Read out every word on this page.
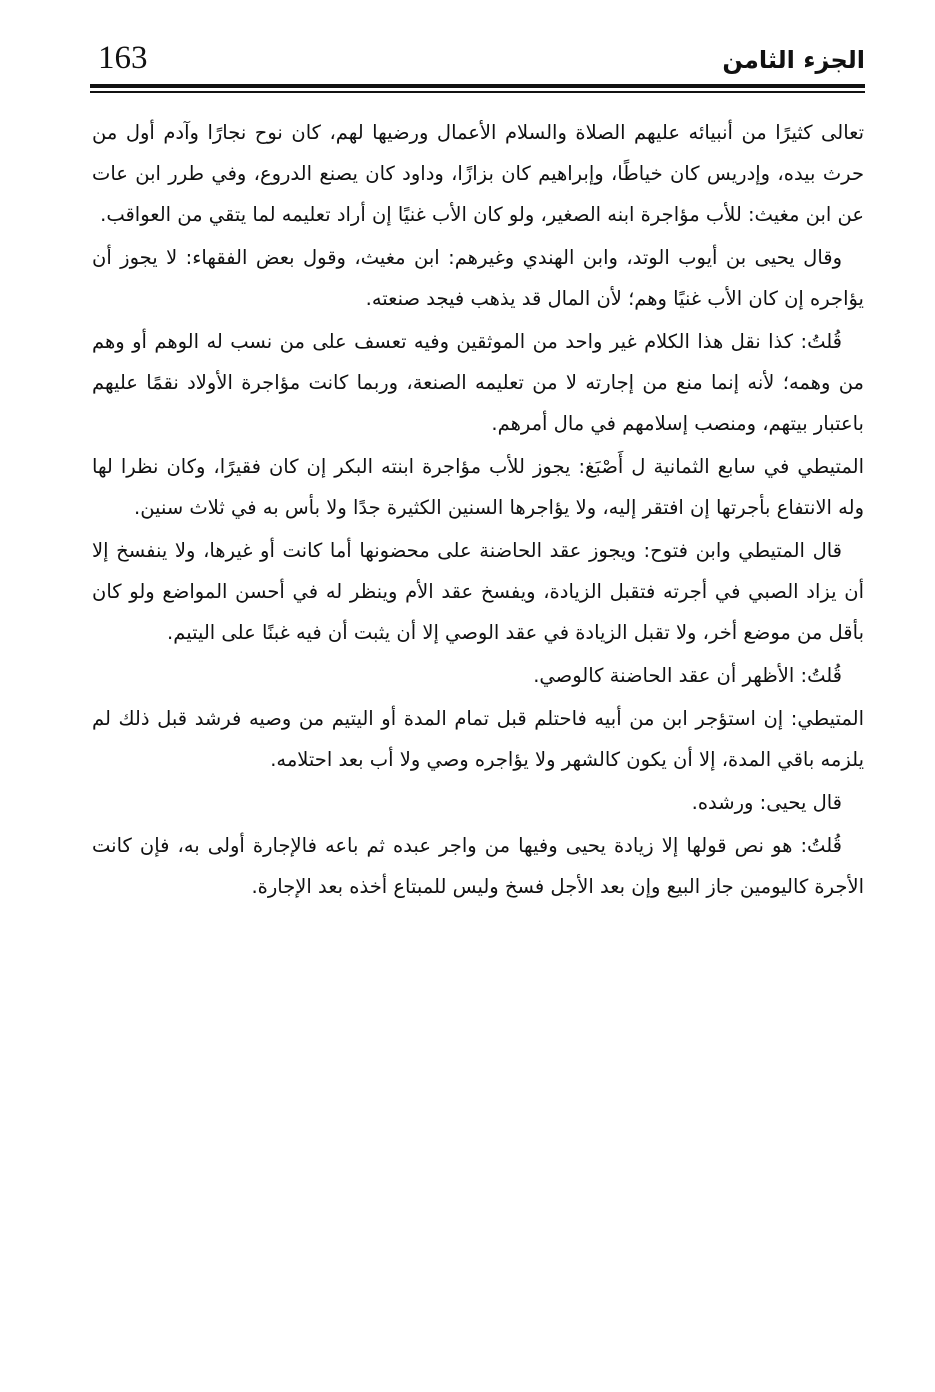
163	الجزء الثامن

تعالى كثيرًا من أنبيائه عليهم الصلاة والسلام الأعمال ورضيها لهم، كان نوح نجارًا وآدم أول من حرث بيده، وإدريس كان خياطًا، وإبراهيم كان بزازًا، وداود كان يصنع الدروع، وفي طرر ابن عات عن ابن مغيث: للأب مؤاجرة ابنه الصغير، ولو كان الأب غنيًا إن أراد تعليمه لما يتقي من العواقب.

وقال يحيى بن أيوب الوتد، وابن الهندي وغيرهم: ابن مغيث، وقول بعض الفقهاء: لا يجوز أن يؤاجره إن كان الأب غنيًا وهم؛ لأن المال قد يذهب فيجد صنعته.

قُلتُ: كذا نقل هذا الكلام غير واحد من الموثقين وفيه تعسف على من نسب له الوهم أو وهم من وهمه؛ لأنه إنما منع من إجارته لا من تعليمه الصنعة، وربما كانت مؤاجرة الأولاد نقمًا عليهم باعتبار بيتهم، ومنصب إسلامهم في مال أمرهم.

المتيطي في سابع الثمانية ل أَصْبَغ: يجوز للأب مؤاجرة ابنته البكر إن كان فقيرًا، وكان نظرا لها وله الانتفاع بأجرتها إن افتقر إليه، ولا يؤاجرها السنين الكثيرة جدًا ولا بأس به في ثلاث سنين.

قال المتيطي وابن فتوح: ويجوز عقد الحاضنة على محضونها أما كانت أو غيرها، ولا ينفسخ إلا أن يزاد الصبي في أجرته فتقبل الزيادة، ويفسخ عقد الأم وينظر له في أحسن المواضع ولو كان بأقل من موضع أخر، ولا تقبل الزيادة في عقد الوصي إلا أن يثبت أن فيه غبنًا على اليتيم.

قُلتُ: الأظهر أن عقد الحاضنة كالوصي.

المتيطي: إن استؤجر ابن من أبيه فاحتلم قبل تمام المدة أو اليتيم من وصيه فرشد قبل ذلك لم يلزمه باقي المدة، إلا أن يكون كالشهر ولا يؤاجره وصي ولا أب بعد احتلامه.

قال يحيى: ورشده.

قُلتُ: هو نص قولها إلا زيادة يحيى وفيها من واجر عبده ثم باعه فالإجارة أولى به، فإن كانت الأجرة كاليومين جاز البيع وإن بعد الأجل فسخ وليس للمبتاع أخذه بعد الإجارة.
